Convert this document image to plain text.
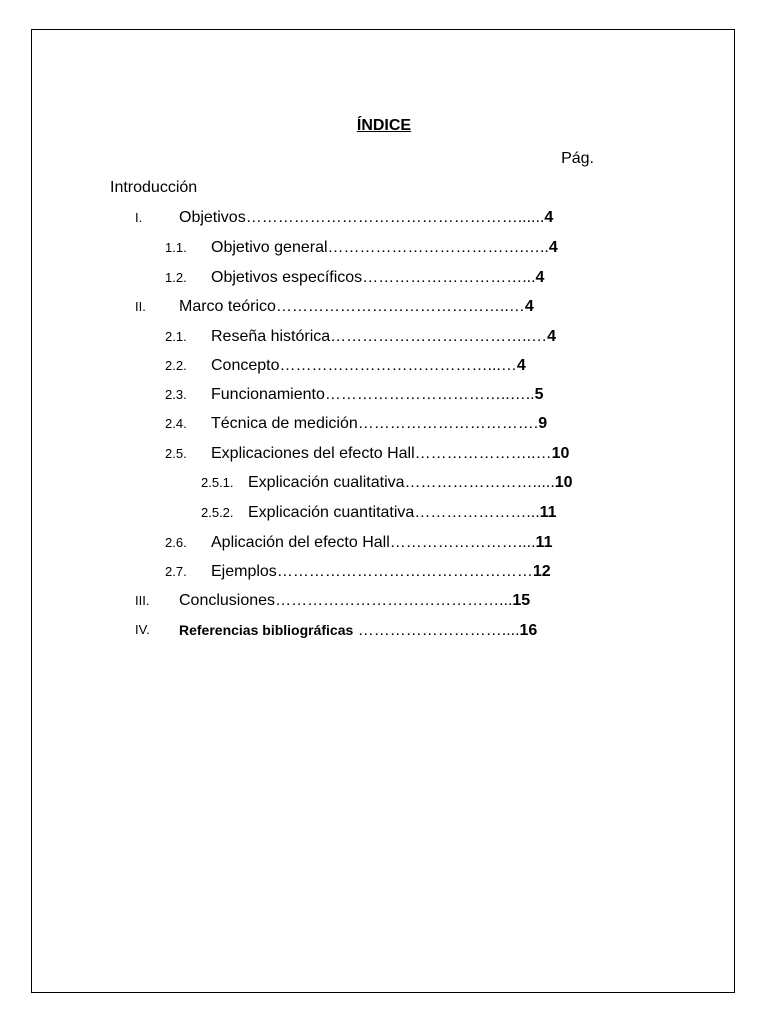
ÍNDICE
Pág.
Introducción
I. Objetivos……………………………………………......4
1.1. Objetivo general……………………………….…..4
1.2. Objetivos específicos…………………………...4
II. Marco teórico……………………………………..…4
2.1. Reseña histórica………………………………..…4
2.2. Concepto…………………………………...…4
2.3. Funcionamiento……………………………..…..5
2.4. Técnica de medición…………………………….9
2.5. Explicaciones del efecto Hall…………………..…10
2.5.1. Explicación cualitativa…………………….....10
2.5.2. Explicación cuantitativa…………………...11
2.6. Aplicación del efecto Hall……………………....11
2.7. Ejemplos…………………………………………12
III. Conclusiones……………………………………...15
IV. Referencias bibliográficas ………………………....16
